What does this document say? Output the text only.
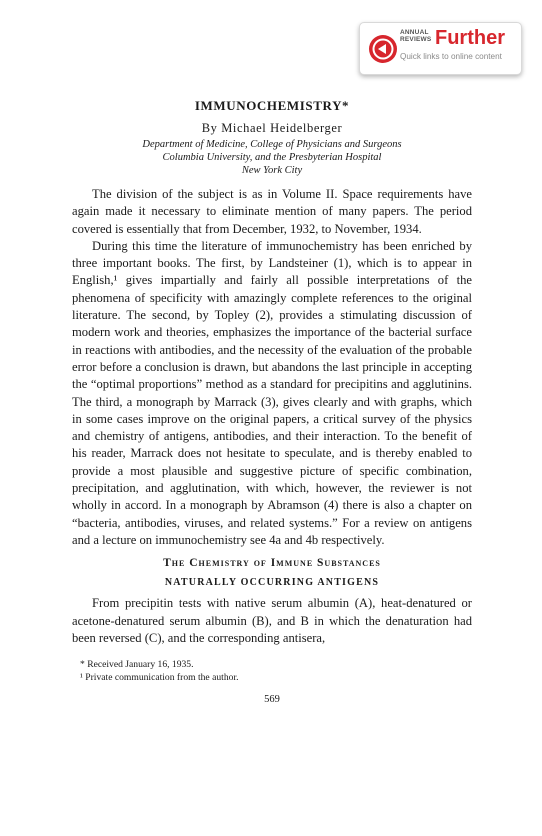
ANNUAL
REVIEWS Further
Quick links to online content
IMMUNOCHEMISTRY*

By Michael Heidelberger

Department of Medicine, College of Physicians and Surgeons
Columbia University, and the Presbyterian Hospital
New York City

The division of the subject is as in Volume II. Space requirements have again made it necessary to eliminate mention of many papers. The period covered is essentially that from December, 1932, to November, 1934.

During this time the literature of immunochemistry has been enriched by three important books. The first, by Landsteiner (1), which is to appear in English,¹ gives impartially and fairly all possible interpretations of the phenomena of specificity with amazingly complete references to the original literature. The second, by Topley (2), provides a stimulating discussion of modern work and theories, emphasizes the importance of the bacterial surface in reactions with antibodies, and the necessity of the evaluation of the probable error before a conclusion is drawn, but abandons the last principle in accepting the “optimal proportions” method as a standard for precipitins and agglutinins. The third, a monograph by Marrack (3), gives clearly and with graphs, which in some cases improve on the original papers, a critical survey of the physics and chemistry of antigens, antibodies, and their interaction. To the benefit of his reader, Marrack does not hesitate to speculate, and is thereby enabled to provide a most plausible and suggestive picture of specific combination, precipitation, and agglutination, with which, however, the reviewer is not wholly in accord. In a monograph by Abramson (4) there is also a chapter on “bacteria, antibodies, viruses, and related systems.” For a review on antigens and a lecture on immunochemistry see 4a and 4b respectively.

The Chemistry of Immune Substances
NATURALLY OCCURRING ANTIGENS

From precipitin tests with native serum albumin (A), heat-denatured or acetone-denatured serum albumin (B), and B in which the denaturation had been reversed (C), and the corresponding antisera,

* Received January 16, 1935.

¹ Private communication from the author.

569
